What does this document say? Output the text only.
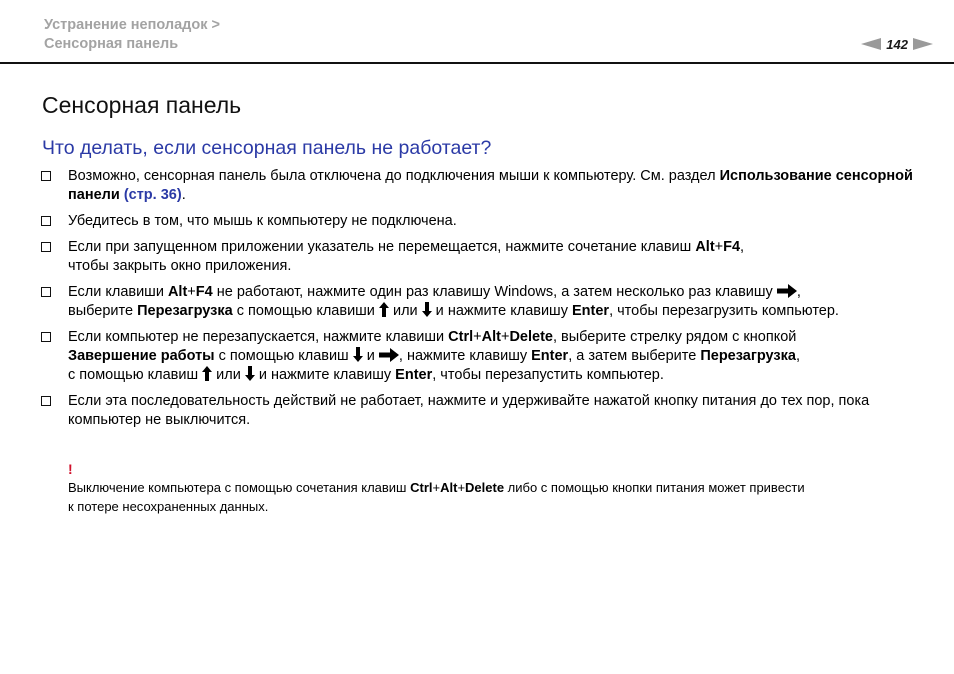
Устранение неполадок >
Сенсорная панель	142
Сенсорная панель
Что делать, если сенсорная панель не работает?
Возможно, сенсорная панель была отключена до подключения мыши к компьютеру. См. раздел Использование сенсорной панели (стр. 36).
Убедитесь в том, что мышь к компьютеру не подключена.
Если при запущенном приложении указатель не перемещается, нажмите сочетание клавиш Alt+F4,
чтобы закрыть окно приложения.
Если клавиши Alt+F4 не работают, нажмите один раз клавишу Windows, а затем несколько раз клавишу ,
выберите Перезагрузка с помощью клавиши  или  и нажмите клавишу Enter, чтобы перезагрузить компьютер.
Если компьютер не перезапускается, нажмите клавиши Ctrl+Alt+Delete, выберите стрелку рядом с кнопкой
Завершение работы с помощью клавиш  и , нажмите клавишу Enter, а затем выберите Перезагрузка,
с помощью клавиш  или  и нажмите клавишу Enter, чтобы перезапустить компьютер.
Если эта последовательность действий не работает, нажмите и удерживайте нажатой кнопку питания до тех пор, пока компьютер не выключится.
!
Выключение компьютера с помощью сочетания клавиш Ctrl+Alt+Delete либо с помощью кнопки питания может привести
к потере несохраненных данных.
